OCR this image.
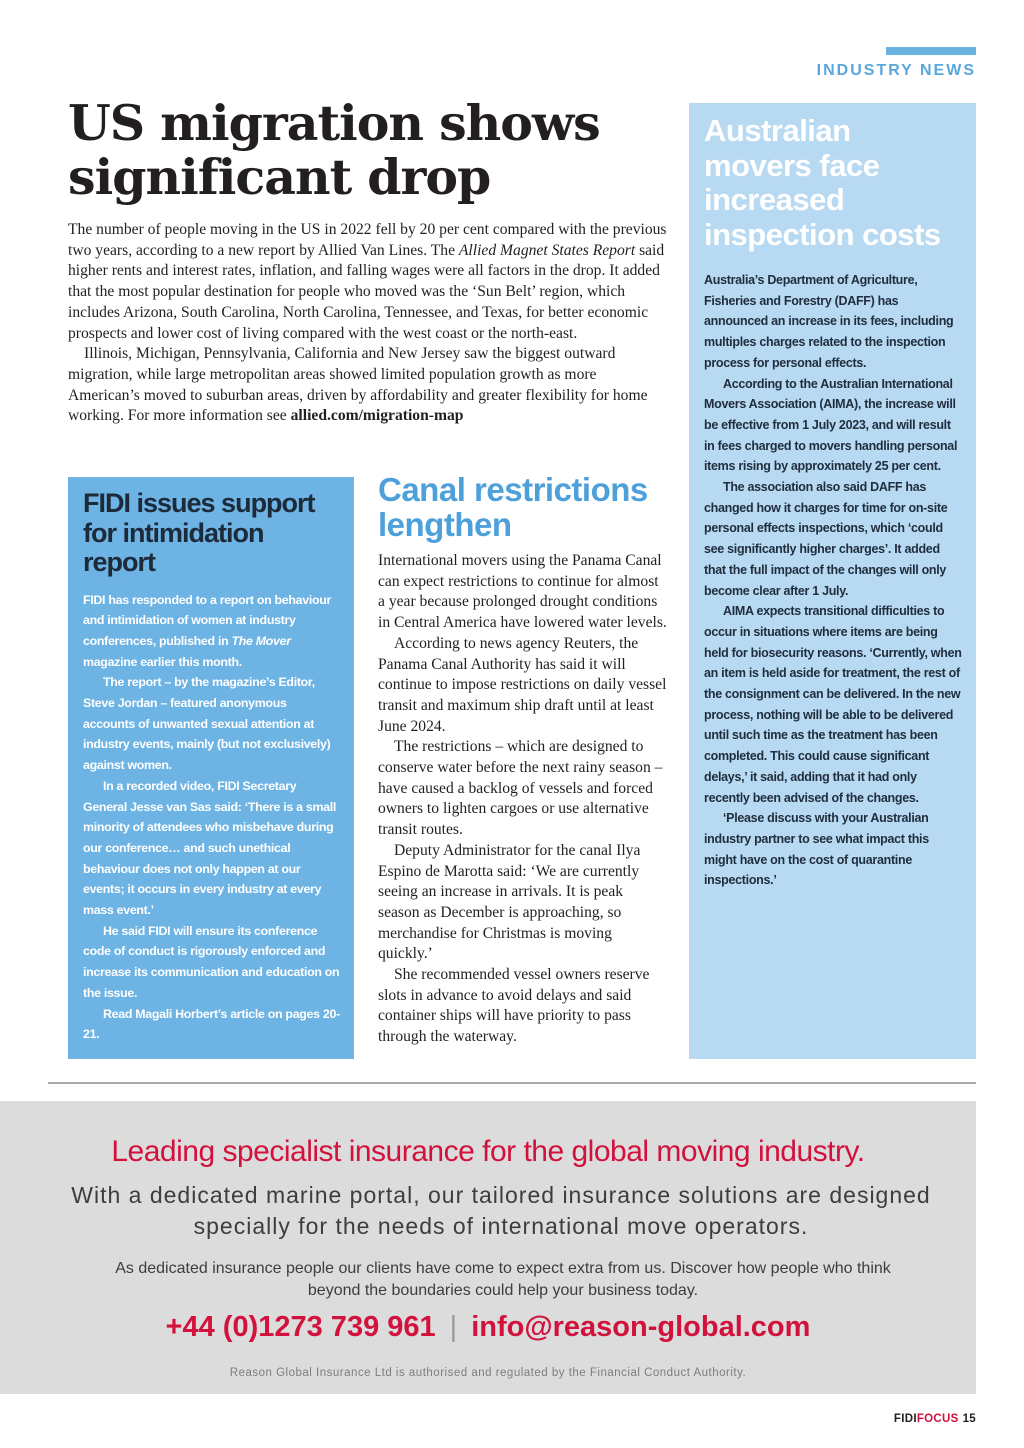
INDUSTRY NEWS
US migration shows significant drop

The number of people moving in the US in 2022 fell by 20 per cent compared with the previous two years, according to a new report by Allied Van Lines. The Allied Magnet States Report said higher rents and interest rates, inflation, and falling wages were all factors in the drop. It added that the most popular destination for people who moved was the ‘Sun Belt’ region, which includes Arizona, South Carolina, North Carolina, Tennessee, and Texas, for better economic prospects and lower cost of living compared with the west coast or the north-east.

Illinois, Michigan, Pennsylvania, California and New Jersey saw the biggest outward migration, while large metropolitan areas showed limited population growth as more American’s moved to suburban areas, driven by affordability and greater flexibility for home working. For more information see allied.com/migration-map

FIDI issues support for intimidation report

FIDI has responded to a report on behaviour and intimidation of women at industry conferences, published in The Mover magazine earlier this month.

The report – by the magazine’s Editor, Steve Jordan – featured anonymous accounts of unwanted sexual attention at industry events, mainly (but not exclusively) against women.

In a recorded video, FIDI Secretary General Jesse van Sas said: ‘There is a small minority of attendees who misbehave during our conference… and such unethical behaviour does not only happen at our events; it occurs in every industry at every mass event.’

He said FIDI will ensure its conference code of conduct is rigorously enforced and increase its communication and education on the issue.

Read Magali Horbert’s article on pages 20-21.

Canal restrictions lengthen

International movers using the Panama Canal can expect restrictions to continue for almost a year because prolonged drought conditions in Central America have lowered water levels.

According to news agency Reuters, the Panama Canal Authority has said it will continue to impose restrictions on daily vessel transit and maximum ship draft until at least June 2024.

The restrictions – which are designed to conserve water before the next rainy season – have caused a backlog of vessels and forced owners to lighten cargoes or use alternative transit routes.

Deputy Administrator for the canal Ilya Espino de Marotta said: ‘We are currently seeing an increase in arrivals. It is peak season as December is approaching, so merchandise for Christmas is moving quickly.’

She recommended vessel owners reserve slots in advance to avoid delays and said container ships will have priority to pass through the waterway.

Australian movers face increased inspection costs

Australia’s Department of Agriculture, Fisheries and Forestry (DAFF) has announced an increase in its fees, including multiples charges related to the inspection process for personal effects.

According to the Australian International Movers Association (AIMA), the increase will be effective from 1 July 2023, and will result in fees charged to movers handling personal items rising by approximately 25 per cent.

The association also said DAFF has changed how it charges for time for on-site personal effects inspections, which ‘could see significantly higher charges’. It added that the full impact of the changes will only become clear after 1 July.

AIMA expects transitional difficulties to occur in situations where items are being held for biosecurity reasons. ‘Currently, when an item is held aside for treatment, the rest of the consignment can be delivered. In the new process, nothing will be able to be delivered until such time as the treatment has been completed. This could cause significant delays,’ it said, adding that it had only recently been advised of the changes.

‘Please discuss with your Australian industry partner to see what impact this might have on the cost of quarantine inspections.’

Leading specialist insurance for the global moving industry.
With a dedicated marine portal, our tailored insurance solutions are designed specially for the needs of international move operators.
As dedicated insurance people our clients have come to expect extra from us. Discover how people who think beyond the boundaries could help your business today.
+44 (0)1273 739 961 | info@reason-global.com
Reason Global Insurance Ltd is authorised and regulated by the Financial Conduct Authority.
FIDIFOCUS 15
